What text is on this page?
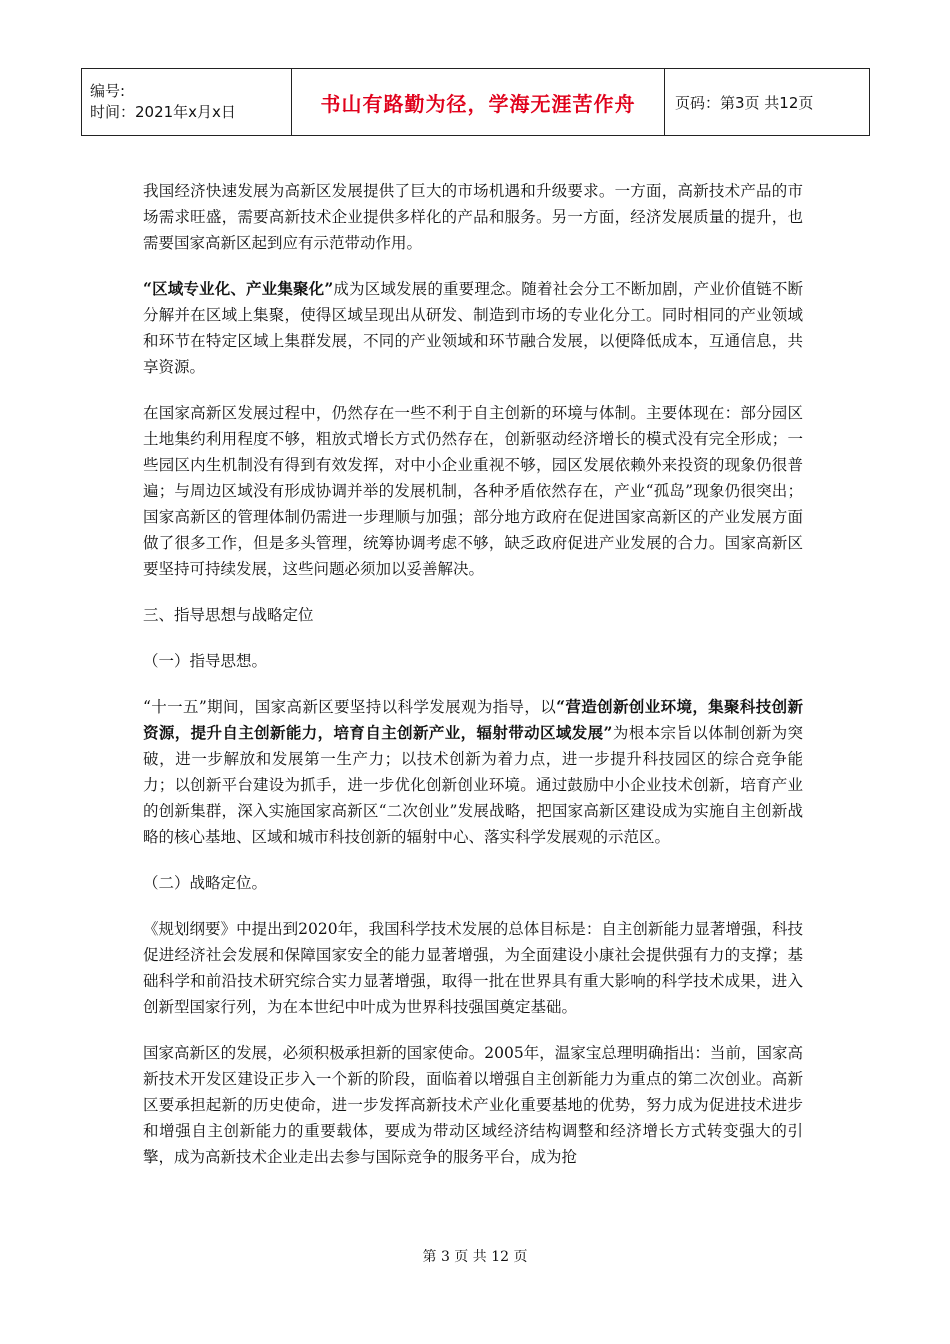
编号:
时间：2021年x月x日	书山有路勤为径，学海无涯苦作舟	页码：第3页 共12页

我国经济快速发展为高新区发展提供了巨大的市场机遇和升级要求。一方面，高新技术产品的市场需求旺盛，需要高新技术企业提供多样化的产品和服务。另一方面，经济发展质量的提升，也需要国家高新区起到应有示范带动作用。

“区域专业化、产业集聚化”成为区域发展的重要理念。随着社会分工不断加剧，产业价值链不断分解并在区域上集聚，使得区域呈现出从研发、制造到市场的专业化分工。同时相同的产业领域和环节在特定区域上集群发展，不同的产业领域和环节融合发展，以便降低成本，互通信息，共享资源。

在国家高新区发展过程中，仍然存在一些不利于自主创新的环境与体制。主要体现在：部分园区土地集约利用程度不够，粗放式增长方式仍然存在，创新驱动经济增长的模式没有完全形成；一些园区内生机制没有得到有效发挥，对中小企业重视不够，园区发展依赖外来投资的现象仍很普遍；与周边区域没有形成协调并举的发展机制，各种矛盾依然存在，产业“孤岛”现象仍很突出；国家高新区的管理体制仍需进一步理顺与加强；部分地方政府在促进国家高新区的产业发展方面做了很多工作，但是多头管理，统筹协调考虑不够，缺乏政府促进产业发展的合力。国家高新区要坚持可持续发展，这些问题必须加以妥善解决。

三、指导思想与战略定位

（一）指导思想。

“十一五”期间，国家高新区要坚持以科学发展观为指导，以“营造创新创业环境，集聚科技创新资源，提升自主创新能力，培育自主创新产业，辐射带动区域发展”为根本宗旨以体制创新为突破，进一步解放和发展第一生产力；以技术创新为着力点，进一步提升科技园区的综合竞争能力；以创新平台建设为抓手，进一步优化创新创业环境。通过鼓励中小企业技术创新，培育产业的创新集群，深入实施国家高新区“二次创业”发展战略，把国家高新区建设成为实施自主创新战略的核心基地、区域和城市科技创新的辐射中心、落实科学发展观的示范区。

（二）战略定位。

《规划纲要》中提出到2020年，我国科学技术发展的总体目标是：自主创新能力显著增强，科技促进经济社会发展和保障国家安全的能力显著增强，为全面建设小康社会提供强有力的支撑；基础科学和前沿技术研究综合实力显著增强，取得一批在世界具有重大影响的科学技术成果，进入创新型国家行列，为在本世纪中叶成为世界科技强国奠定基础。

国家高新区的发展，必须积极承担新的国家使命。2005年，温家宝总理明确指出：当前，国家高新技术开发区建设正步入一个新的阶段，面临着以增强自主创新能力为重点的第二次创业。高新区要承担起新的历史使命，进一步发挥高新技术产业化重要基地的优势，努力成为促进技术进步和增强自主创新能力的重要载体，要成为带动区域经济结构调整和经济增长方式转变强大的引擎，成为高新技术企业走出去参与国际竞争的服务平台，成为抢

第 3 页 共 12 页
